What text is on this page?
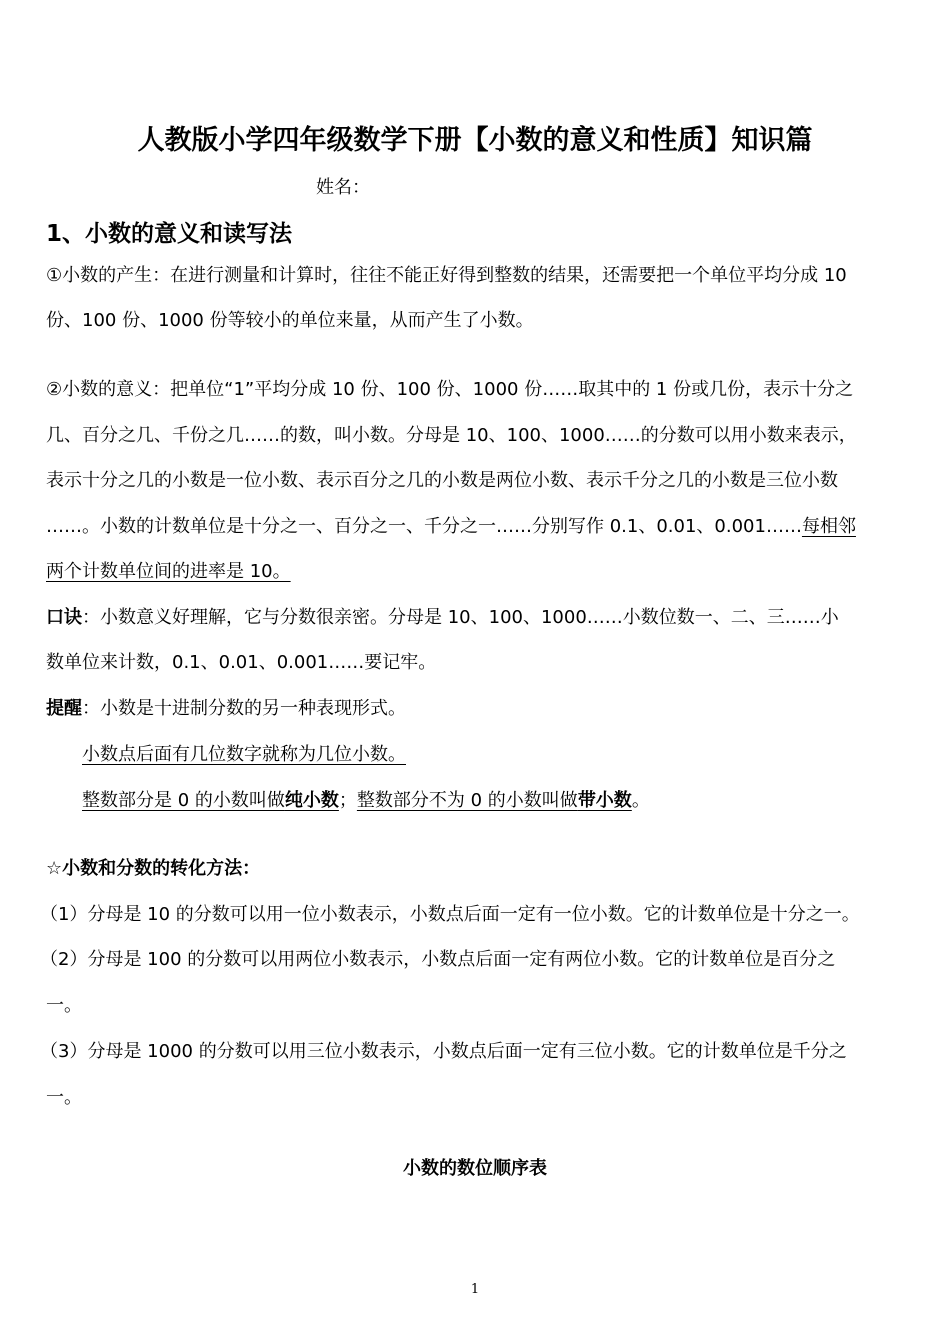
人教版小学四年级数学下册【小数的意义和性质】知识篇
姓名：
1、小数的意义和读写法
①小数的产生：在进行测量和计算时，往往不能正好得到整数的结果，还需要把一个单位平均分成 10
份、100 份、1000 份等较小的单位来量，从而产生了小数。
②小数的意义：把单位“1”平均分成 10 份、100 份、1000 份……取其中的 1 份或几份，表示十分之
几、百分之几、千份之几……的数，叫小数。分母是 10、100、1000……的分数可以用小数来表示，
表示十分之几的小数是一位小数、表示百分之几的小数是两位小数、表示千分之几的小数是三位小数
……。小数的计数单位是十分之一、百分之一、千分之一……分别写作 0.1、0.01、0.001……每相邻
两个计数单位间的进率是 10。
口诀：小数意义好理解，它与分数很亲密。分母是 10、100、1000……小数位数一、二、三……小
数单位来计数，0.1、0.01、0.001……要记牢。
提醒：小数是十进制分数的另一种表现形式。
小数点后面有几位数字就称为几位小数。
整数部分是 0 的小数叫做纯小数；整数部分不为 0 的小数叫做带小数。
☆小数和分数的转化方法：
（1）分母是 10 的分数可以用一位小数表示，小数点后面一定有一位小数。它的计数单位是十分之一。
（2）分母是 100 的分数可以用两位小数表示，小数点后面一定有两位小数。它的计数单位是百分之
一。
（3）分母是 1000 的分数可以用三位小数表示，小数点后面一定有三位小数。它的计数单位是千分之
一。
小数的数位顺序表
1
